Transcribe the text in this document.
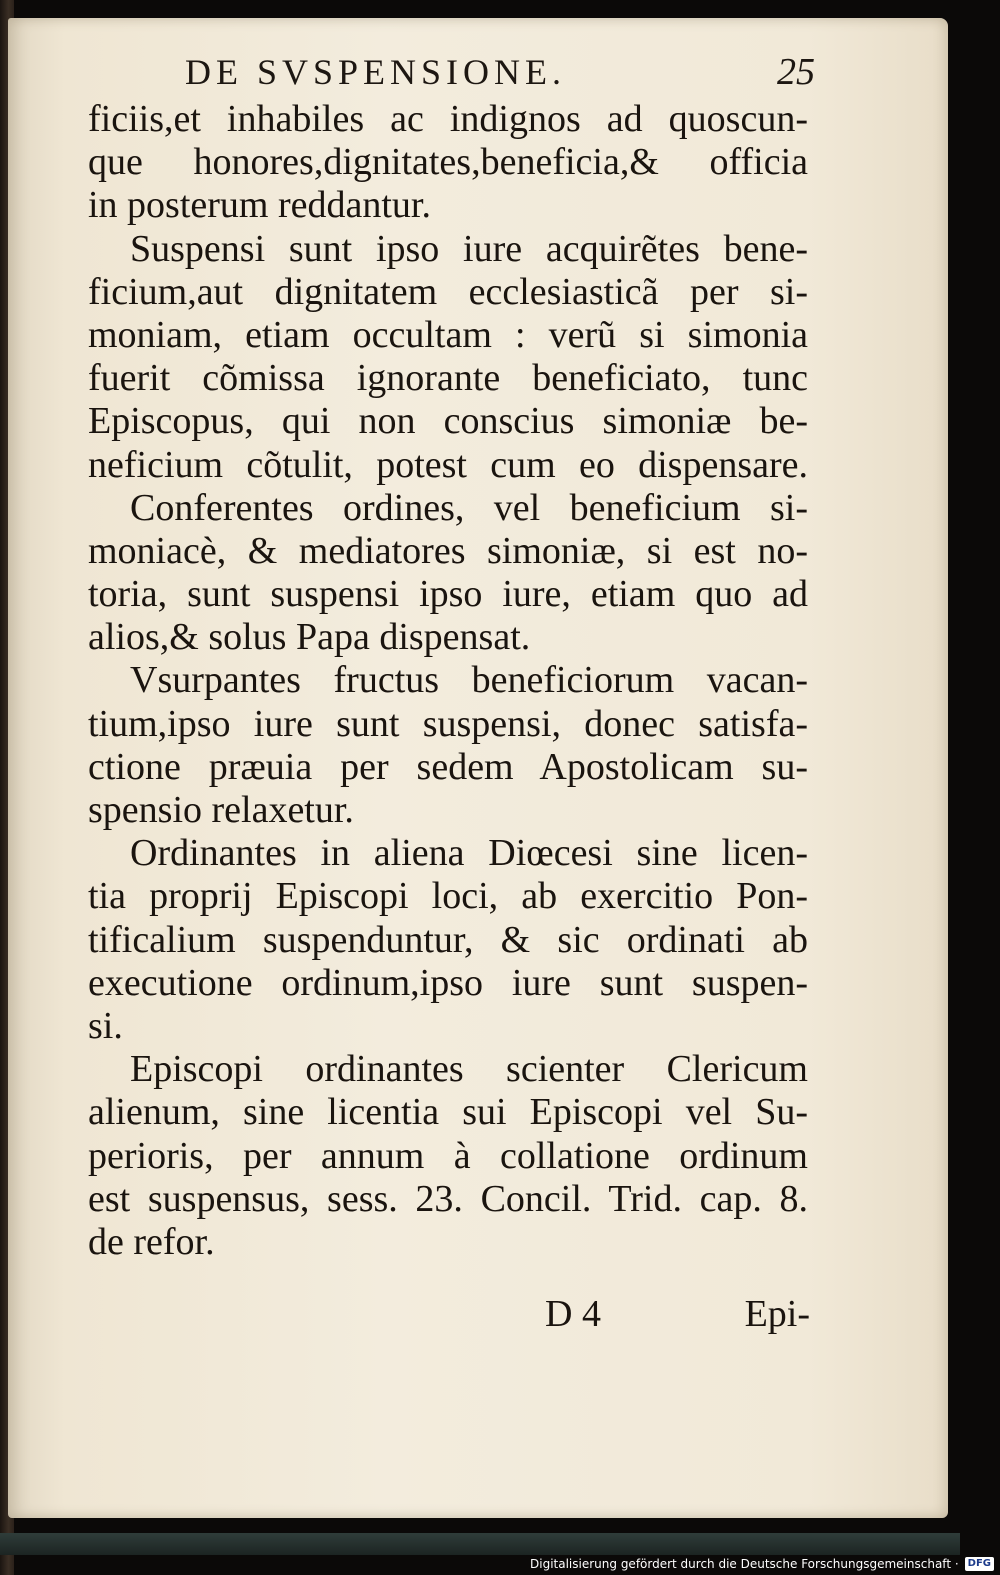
DE SVSPENSIONE.	25
ficiis,et inhabiles ac indignos ad quoscun-
que honores,dignitates,beneficia,& officia
in posterum reddantur.
Suspensi sunt ipso iure acquirẽtes bene-
ficium,aut dignitatem ecclesiasticã per si-
moniam, etiam occultam : verũ si simonia
fuerit cõmissa ignorante beneficiato, tunc
Episcopus, qui non conscius simoniæ be-
neficium cõtulit, potest cum eo dispensare.
Conferentes ordines, vel beneficium si-
moniacè, & mediatores simoniæ, si est no-
toria, sunt suspensi ipso iure, etiam quo ad
alios,& solus Papa dispensat.
Vsurpantes fructus beneficiorum vacan-
tium,ipso iure sunt suspensi, donec satisfa-
ctione præuia per sedem Apostolicam su-
spensio relaxetur.
Ordinantes in aliena Diœcesi sine licen-
tia proprij Episcopi loci, ab exercitio Pon-
tificalium suspenduntur, & sic ordinati ab
executione ordinum,ipso iure sunt suspen-
si.
Episcopi ordinantes scienter Clericum
alienum, sine licentia sui Episcopi vel Su-
perioris, per annum à collatione ordinum
est suspensus, sess. 23. Concil. Trid. cap. 8.
de refor.
D 4	Epi-
Digitalisierung gefördert durch die Deutsche Forschungsgemeinschaft · DFG
